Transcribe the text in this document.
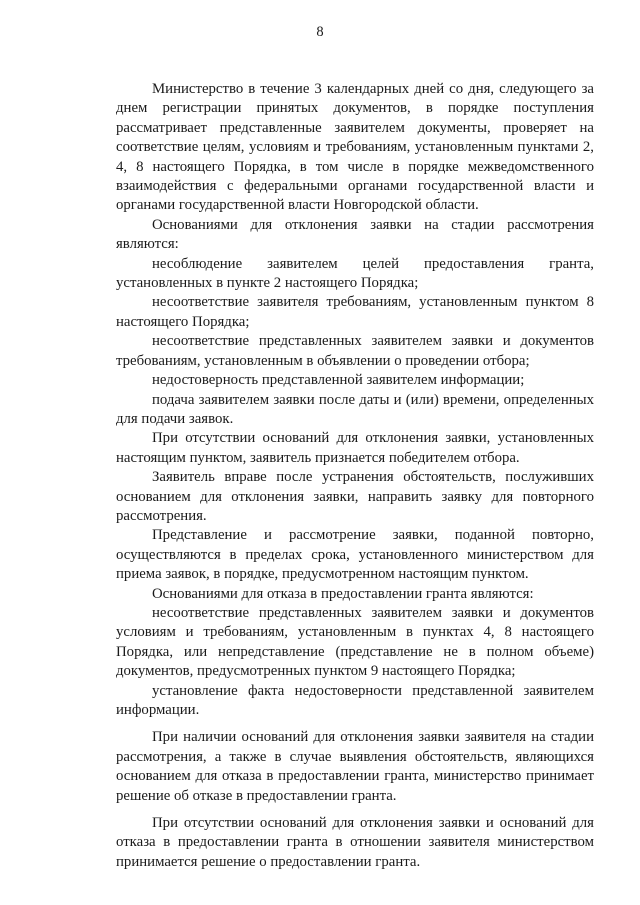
8

Министерство в течение 3 календарных дней со дня, следующего за днем регистрации принятых документов, в порядке поступления рассматривает представленные заявителем документы, проверяет на соответствие целям, условиям и требованиям, установленным пунктами 2, 4, 8 настоящего Порядка, в том числе в порядке межведомственного взаимодействия с федеральными органами государственной власти и органами государственной власти Новгородской области.

Основаниями для отклонения заявки на стадии рассмотрения являются:

несоблюдение заявителем целей предоставления гранта, установленных в пункте 2 настоящего Порядка;

несоответствие заявителя требованиям, установленным пунктом 8 настоящего Порядка;

несоответствие представленных заявителем заявки и документов требованиям, установленным в объявлении о проведении отбора;

недостоверность представленной заявителем информации;

подача заявителем заявки после даты и (или) времени, определенных для подачи заявок.

При отсутствии оснований для отклонения заявки, установленных настоящим пунктом, заявитель признается победителем отбора.

Заявитель вправе после устранения обстоятельств, послуживших основанием для отклонения заявки, направить заявку для повторного рассмотрения.

Представление и рассмотрение заявки, поданной повторно, осуществляются в пределах срока, установленного министерством для приема заявок, в порядке, предусмотренном настоящим пунктом.

Основаниями для отказа в предоставлении гранта являются:

несоответствие представленных заявителем заявки и документов условиям и требованиям, установленным в пунктах 4, 8 настоящего Порядка, или непредставление (представление не в полном объеме) документов, предусмотренных пунктом 9 настоящего Порядка;

установление факта недостоверности представленной заявителем информации.

При наличии оснований для отклонения заявки заявителя на стадии рассмотрения, а также в случае выявления обстоятельств, являющихся основанием для отказа в предоставлении гранта, министерство принимает решение об отказе в предоставлении гранта.

При отсутствии оснований для отклонения заявки и оснований для отказа в предоставлении гранта в отношении заявителя министерством принимается решение о предоставлении гранта.
